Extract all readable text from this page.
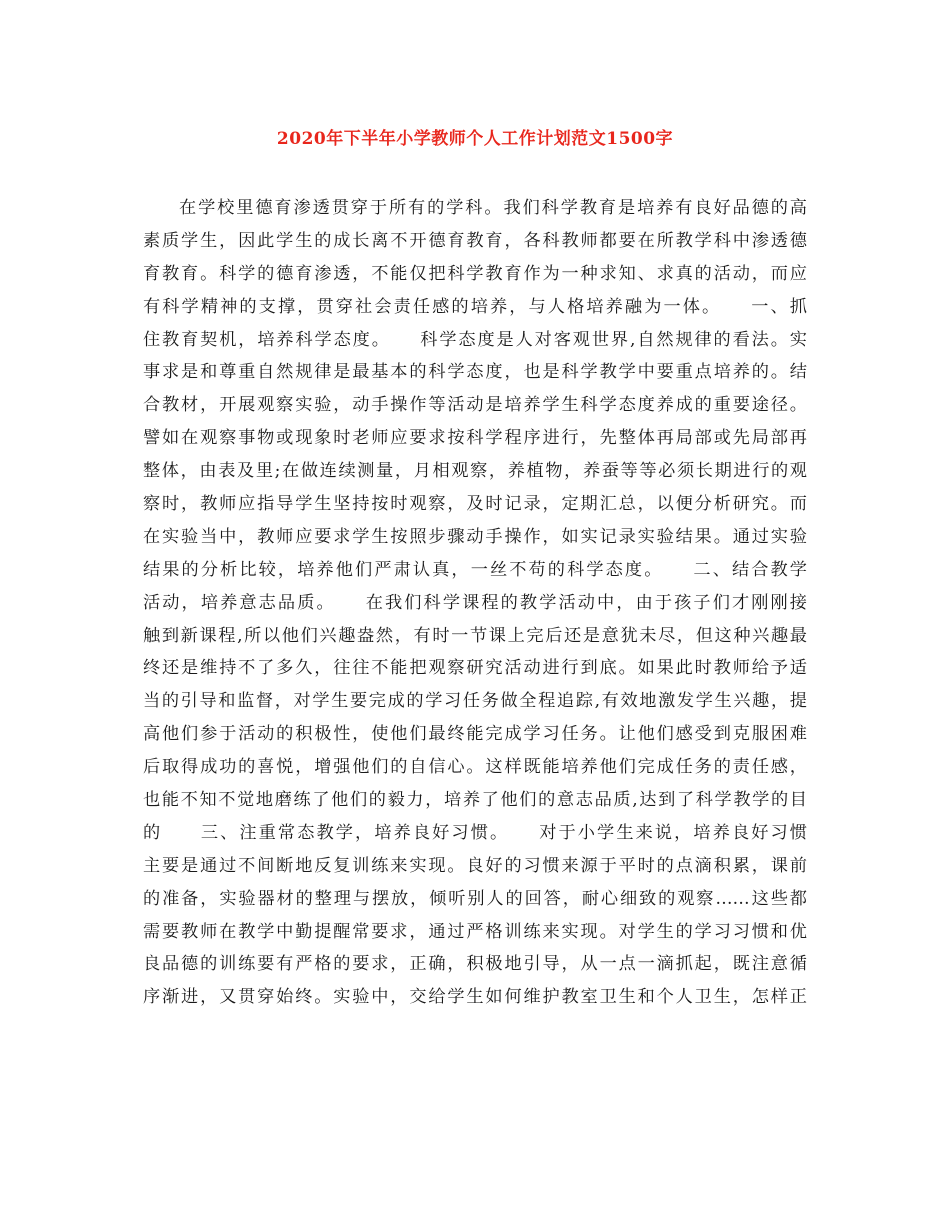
2020年下半年小学教师个人工作计划范文1500字
在学校里德育渗透贯穿于所有的学科。我们科学教育是培养有良好品德的高
素质学生，因此学生的成长离不开德育教育，各科教师都要在所教学科中渗透德
育教育。科学的德育渗透，不能仅把科学教育作为一种求知、求真的活动，而应
有科学精神的支撑，贯穿社会责任感的培养，与人格培养融为一体。　　一、抓
住教育契机，培养科学态度。　　科学态度是人对客观世界,自然规律的看法。实
事求是和尊重自然规律是最基本的科学态度，也是科学教学中要重点培养的。结
合教材，开展观察实验，动手操作等活动是培养学生科学态度养成的重要途径。
譬如在观察事物或现象时老师应要求按科学程序进行，先整体再局部或先局部再
整体，由表及里;在做连续测量，月相观察，养植物，养蚕等等必须长期进行的观
察时，教师应指导学生坚持按时观察，及时记录，定期汇总，以便分析研究。而
在实验当中，教师应要求学生按照步骤动手操作，如实记录实验结果。通过实验
结果的分析比较，培养他们严肃认真，一丝不苟的科学态度。　　二、结合教学
活动，培养意志品质。　　在我们科学课程的教学活动中，由于孩子们才刚刚接
触到新课程,所以他们兴趣盎然，有时一节课上完后还是意犹未尽，但这种兴趣最
终还是维持不了多久，往往不能把观察研究活动进行到底。如果此时教师给予适
当的引导和监督，对学生要完成的学习任务做全程追踪,有效地激发学生兴趣，提
高他们参于活动的积极性，使他们最终能完成学习任务。让他们感受到克服困难
后取得成功的喜悦，增强他们的自信心。这样既能培养他们完成任务的责任感，
也能不知不觉地磨练了他们的毅力，培养了他们的意志品质,达到了科学教学的目
的　　三、注重常态教学，培养良好习惯。　　对于小学生来说，培养良好习惯
主要是通过不间断地反复训练来实现。良好的习惯来源于平时的点滴积累，课前
的准备，实验器材的整理与摆放，倾听别人的回答，耐心细致的观察……这些都
需要教师在教学中勤提醒常要求，通过严格训练来实现。对学生的学习习惯和优
良品德的训练要有严格的要求，正确，积极地引导，从一点一滴抓起，既注意循
序渐进，又贯穿始终。实验中，交给学生如何维护教室卫生和个人卫生，怎样正
